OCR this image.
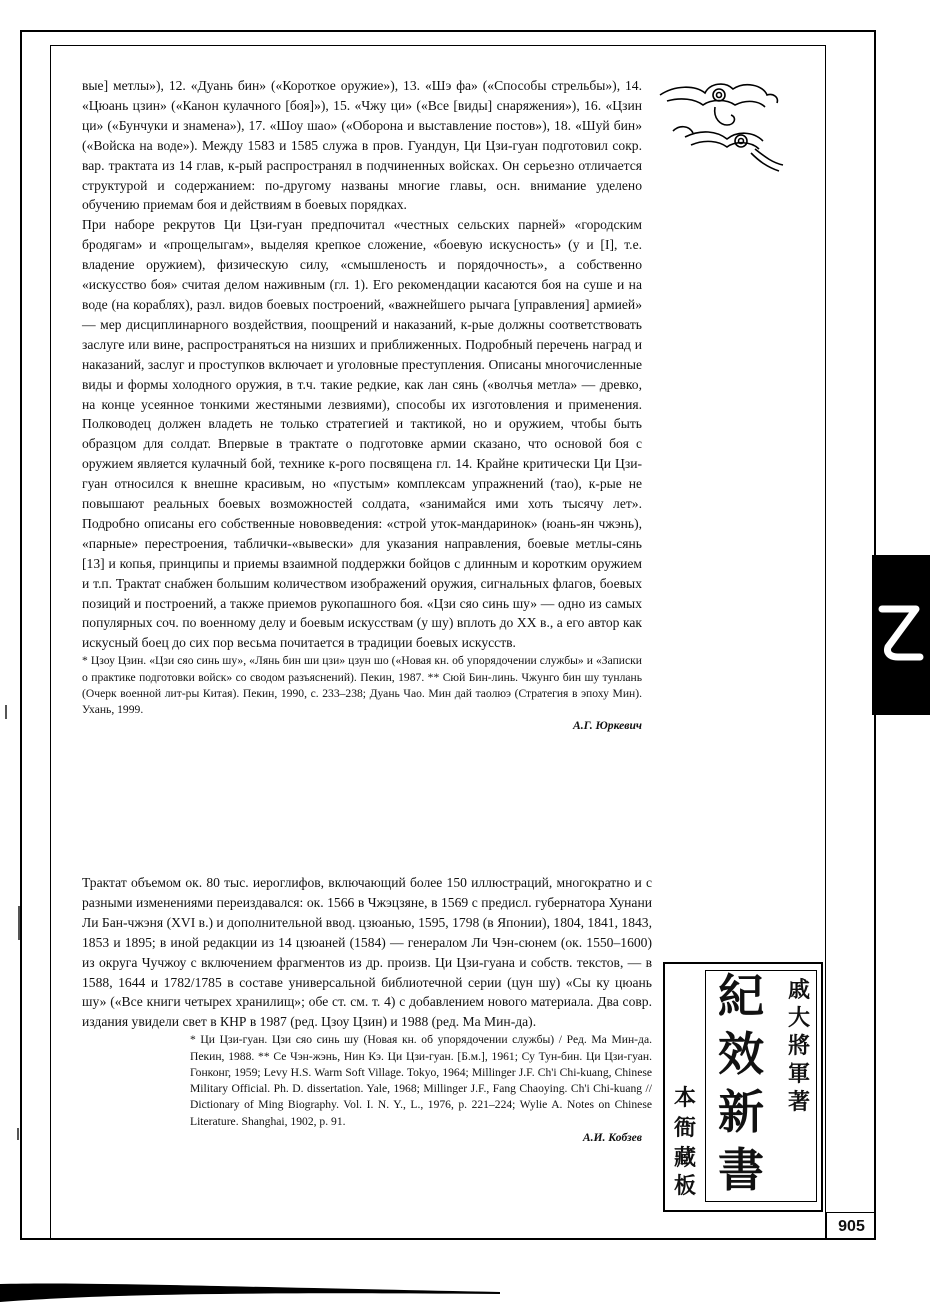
вые] метлы»), 12. «Дуань бин» («Короткое оружие»), 13. «Шэ фа» («Способы стрельбы»), 14. «Цюань цзин» («Канон кулачного [боя]»), 15. «Чжу ци» («Все [виды] снаряжения»), 16. «Цзин ци» («Бунчуки и знамена»), 17. «Шоу шао» («Оборона и выставление постов»), 18. «Шуй бин» («Войска на воде»). Между 1583 и 1585 служа в пров. Гуандун, Ци Цзи-гуан подготовил сокр. вар. трактата из 14 глав, к-рый распространял в подчиненных войсках. Он серьезно отличается структурой и содержанием: по-другому названы многие главы, осн. внимание уделено обучению приемам боя и действиям в боевых порядках.

При наборе рекрутов Ци Цзи-гуан предпочитал «честных сельских парней» «городским бродягам» и «прощелыгам», выделяя крепкое сложение, «боевую искусность» (у и [I], т.е. владение оружием), физическую силу, «смышленость и порядочность», а собственно «искусство боя» считая делом наживным (гл. 1). Его рекомендации касаются боя на суше и на воде (на кораблях), разл. видов боевых построений, «важнейшего рычага [управления] армией» — мер дисциплинарного воздействия, поощрений и наказаний, к-рые должны соответствовать заслуге или вине, распространяться на низших и приближенных. Подробный перечень наград и наказаний, заслуг и проступков включает и уголовные преступления. Описаны многочисленные виды и формы холодного оружия, в т.ч. такие редкие, как лан сянь («волчья метла» — древко, на конце усеянное тонкими жестяными лезвиями), способы их изготовления и применения. Полководец должен владеть не только стратегией и тактикой, но и оружием, чтобы быть образцом для солдат. Впервые в трактате о подготовке армии сказано, что основой боя с оружием является кулачный бой, технике к-рого посвящена гл. 14. Крайне критически Ци Цзи-гуан относился к внешне красивым, но «пустым» комплексам упражнений (тао), к-рые не повышают реальных боевых возможностей солдата, «занимайся ими хоть тысячу лет». Подробно описаны его собственные нововведения: «строй уток-мандаринок» (юань-ян чжэнь), «парные» перестроения, таблички-«вывески» для указания направления, боевые метлы-сянь [13] и копья, принципы и приемы взаимной поддержки бойцов с длинным и коротким оружием и т.п. Трактат снабжен большим количеством изображений оружия, сигнальных флагов, боевых позиций и построений, а также приемов рукопашного боя. «Цзи сяо синь шу» — одно из самых популярных соч. по военному делу и боевым искусствам (у шу) вплоть до XX в., а его автор как искусный боец до сих пор весьма почитается в традиции боевых искусств.

* Цзоу Цзин. «Цзи сяо синь шу», «Лянь бин ши цзи» цзун шо («Новая кн. об упорядочении службы» и «Записки о практике подготовки войск» со сводом разъяснений). Пекин, 1987. ** Сюй Бин-линь. Чжунго бин шу тунлань (Очерк военной лит-ры Китая). Пекин, 1990, с. 233–238; Дуань Чао. Мин дай таолюэ (Стратегия в эпоху Мин). Ухань, 1999.

А.Г. Юркевич

Трактат объемом ок. 80 тыс. иероглифов, включающий более 150 иллюстраций, многократно и с разными изменениями переиздавался: ок. 1566 в Чжэцзяне, в 1569 с предисл. губернатора Хунани Ли Бан-чжэня (XVI в.) и дополнительной ввод. цзюанью, 1595, 1798 (в Японии), 1804, 1841, 1843, 1853 и 1895; в иной редакции из 14 цзюаней (1584) — генералом Ли Чэн-сюнем (ок. 1550–1600) из округа Чучжоу с включением фрагментов из др. произв. Ци Цзи-гуана и собств. текстов, — в 1588, 1644 и 1782/1785 в составе универсальной библиотечной серии (цун шу) «Сы ку цюань шу» («Все книги четырех хранилищ»; обе ст. см. т. 4) с добавлением нового материала. Два совр. издания увидели свет в КНР в 1987 (ред. Цзоу Цзин) и 1988 (ред. Ма Мин-да).

* Ци Цзи-гуан. Цзи сяо синь шу (Новая кн. об упорядочении службы) / Ред. Ма Мин-да. Пекин, 1988. ** Се Чэн-жэнь, Нин Кэ. Ци Цзи-гуан. [Б.м.], 1961; Су Тун-бин. Ци Цзи-гуан. Гонконг, 1959; Levy H.S. Warm Soft Village. Tokyo, 1964; Millinger J.F. Ch'i Chi-kuang, Chinese Military Official. Ph. D. dissertation. Yale, 1968; Millinger J.F., Fang Chaoying. Ch'i Chi-kuang // Dictionary of Ming Biography. Vol. I. N. Y., L., 1976, p. 221–224; Wylie A. Notes on Chinese Literature. Shanghai, 1902, p. 91.

А.И. Кобзев

紀
效
新
書
戚
大
將
軍
著
本
衙
藏
板
905
